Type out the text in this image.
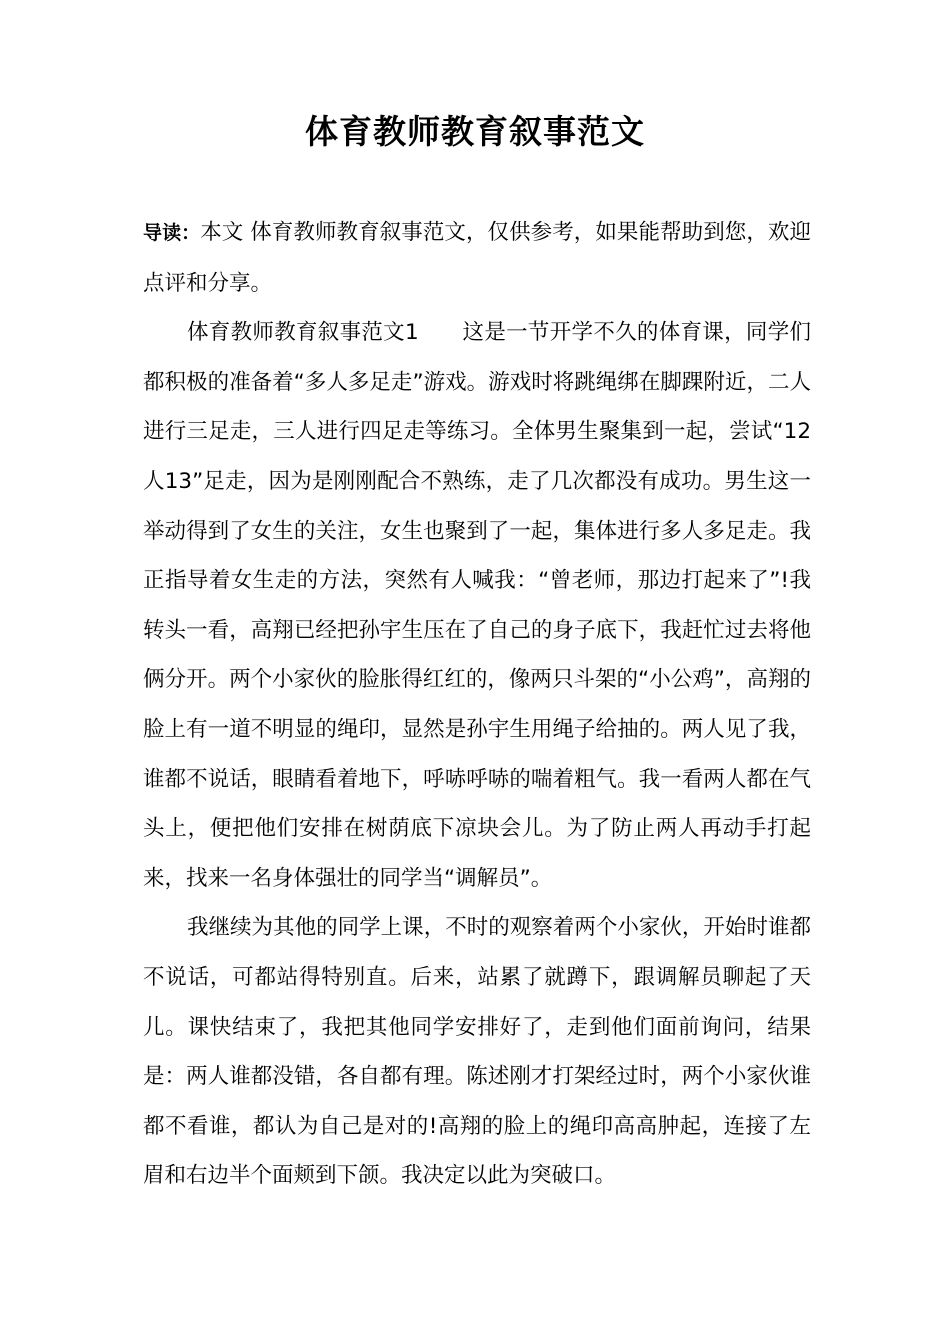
体育教师教育叙事范文

导读：本文 体育教师教育叙事范文，仅供参考，如果能帮助到您，欢迎点评和分享。

体育教师教育叙事范文1　　这是一节开学不久的体育课，同学们都积极的准备着“多人多足走”游戏。游戏时将跳绳绑在脚踝附近，二人进行三足走，三人进行四足走等练习。全体男生聚集到一起，尝试“12人13”足走，因为是刚刚配合不熟练，走了几次都没有成功。男生这一举动得到了女生的关注，女生也聚到了一起，集体进行多人多足走。我正指导着女生走的方法，突然有人喊我：“曾老师，那边打起来了”!我转头一看，高翔已经把孙宇生压在了自己的身子底下，我赶忙过去将他俩分开。两个小家伙的脸胀得红红的，像两只斗架的“小公鸡”，高翔的脸上有一道不明显的绳印，显然是孙宇生用绳子给抽的。两人见了我，谁都不说话，眼睛看着地下，呼哧呼哧的喘着粗气。我一看两人都在气头上，便把他们安排在树荫底下凉块会儿。为了防止两人再动手打起来，找来一名身体强壮的同学当“调解员”。

我继续为其他的同学上课，不时的观察着两个小家伙，开始时谁都不说话，可都站得特别直。后来，站累了就蹲下，跟调解员聊起了天儿。课快结束了，我把其他同学安排好了，走到他们面前询问，结果是：两人谁都没错，各自都有理。陈述刚才打架经过时，两个小家伙谁都不看谁，都认为自己是对的!高翔的脸上的绳印高高肿起，连接了左眉和右边半个面颊到下颌。我决定以此为突破口。
